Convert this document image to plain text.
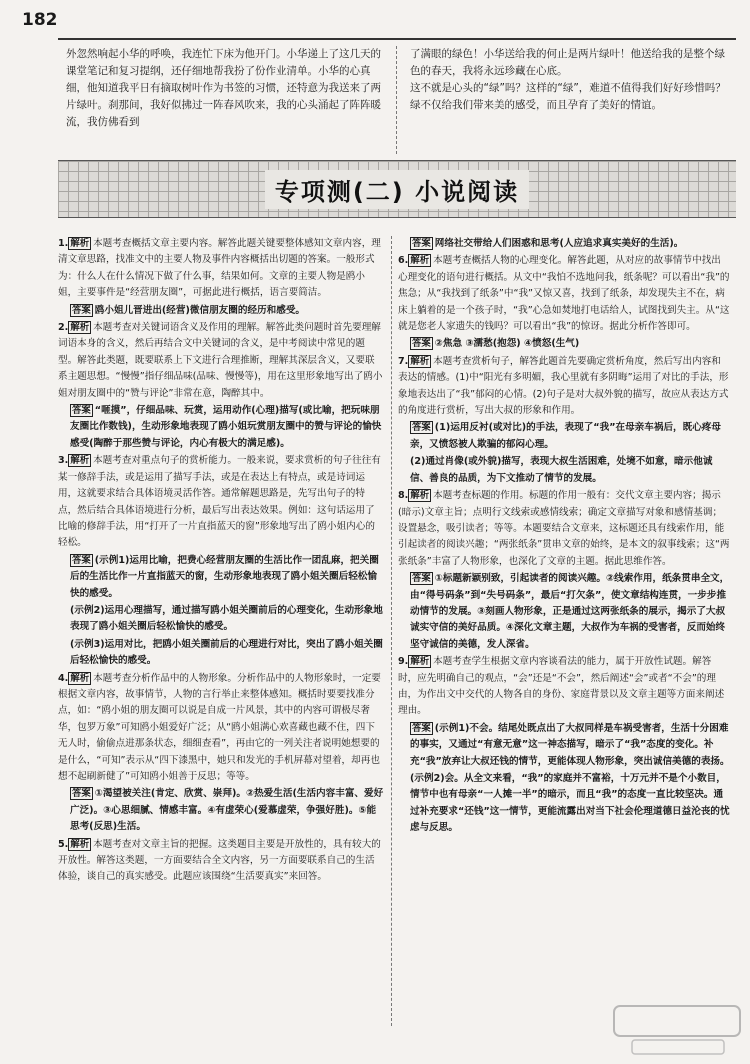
182
外忽然响起小华的呼唤，我连忙下床为他开门。小华递上了这几天的课堂笔记和复习提纲，还仔细地帮我扮了份作业清单。小华的心真细，他知道我平日有摘取树叶作为书签的习惯，还特意为我送来了两片绿叶。刹那间，我好似拂过一阵春风吹来，我的心头涌起了阵阵暖流，我仿佛看到
了满眼的绿色！小华送给我的何止是两片绿叶！他送给我的是整个绿色的春天，我将永远珍藏在心底。
这不就是心头的“绿”吗？这样的“绿”，难道不值得我们好好珍惜吗？绿不仅给我们带来美的感受，而且孕育了美好的情谊。
专项测(二) 小说阅读
1. 解析 本题考查概括文章主要内容。解答此题关键要整体感知文章内容，理清文章思路，找准文中的主要人物及事件内容概括出切题的答案。一般形式为：什么人在什么情况下做了什么事，结果如何。文章的主要人物是鸥小姐，主要事件是“经营朋友圈”，可据此进行概括，语言要简洁。
答案 鸥小姐儿晋进出(经营)微信朋友圈的经历和感受。
2. 解析 本题考查对关键词语含义及作用的理解。解答此类问题时首先要理解词语本身的含义，然后再结合文中关键词的含义，是中考阅读中常见的题型。解答此类题，既要联系上下文进行合理推断，理解其深层含义，又要联系主题思想。“慢慢”指仔细品味(品味、慢慢等)，用在这里形象地写出了鸥小姐对朋友圈中的“赞与评论”非常在意，陶醉其中。
答案 “咂摸”，仔细品味、玩赏，运用动作(心理)描写(或比喻，把玩味朋友圈比作数钱)，生动形象地表现了鸥小姐玩赏朋友圈中的赞与评论的愉快感受(陶醉于那些赞与评论，内心有极大的满足感)。
3. 解析 本题考查对重点句子的赏析能力。一般来说，要求赏析的句子往往有某一修辞手法，或是运用了描写手法，或是在表达上有特点，或是诗词运用，这就要求结合具体语境灵活作答。通常解题思路是，先写出句子的特点，然后结合具体语境进行分析，最后写出表达效果。例如：这句话运用了比喻的修辞手法，用“打开了一片直指蓝天的窗”形象地写出了鸥小姐内心的轻松。
答案 (示例1)运用比喻，把费心经营朋友圈的生活比作一团乱麻，把关圈后的生活比作一片直指蓝天的窗，生动形象地表现了鸥小姐关圈后轻松愉快的感受。
(示例2)运用心理描写，通过描写鸥小姐关圈前后的心理变化，生动形象地表现了鸥小姐关圈后轻松愉快的感受。
(示例3)运用对比，把鸥小姐关圈前后的心理进行对比，突出了鸥小姐关圈后轻松愉快的感受。
4. 解析 本题考查分析作品中的人物形象。分析作品中的人物形象时，一定要根据文章内容，故事情节，人物的言行举止来整体感知。概括时要要找准分点，如：“鸥小姐的朋友圈可以说是自成一片风景，其中的内容可谓极尽奢华，包罗万象”可知鸥小姐爱好广泛；从“鸥小姐满心欢喜藏也藏不住，四下无人时，偷偷点进那条状态，细细查看”，再由它的一列关注者说明她想要的是什么，“可知”表示从“四下漆黑中，她只和发光的手机屏幕对望着，却再也想不起刷新健了”可知鸥小姐善于反思；等等。
答案 ①渴望被关注(肯定、欣赏、崇拜)。②热爱生活(生活内容丰富、爱好广泛)。③心思细腻、情感丰富。④有虚荣心(爱慕虚荣，争强好胜)。⑤能思考(反思)生活。
5. 解析 本题考查对文章主旨的把握。这类题目主要是开放性的，具有较大的开放性。解答这类题，一方面要结合全文内容，另一方面要联系自己的生活体验，谈自己的真实感受。此题应该围绕“生活要真实”来回答。
答案 网络社交带给人们困惑和思考(人应追求真实美好的生活)。
6. 解析 本题考查概括人物的心理变化。解答此题，从对应的故事情节中找出心理变化的语句进行概括。从文中“我怕不选地问我，纸条呢？可以看出“我”的焦急；从“我找到了纸条”中“我”又惊又喜，找到了纸条，却发现失主不在，病床上躺着的是一个孩子时，“我”心急如焚地打电话给人，试图找到失主。从“这就是您老人家遗失的钱吗？可以看出“我”的惊讶。据此分析作答即可。
答案 ②焦急 ③濡愁(抱怨) ④愤怒(生气)
7. 解析 本题考查赏析句子，解答此题首先要确定赏析角度，然后写出内容和表达的情感。(1)中“阳光有多明媚，我心里就有多阴晦”运用了对比的手法，形象地表达出了“我”郁闷的心情。(2)句子是对大叔外貌的描写，故应从表达方式的角度进行赏析，写出大叔的形象和作用。
答案 (1)运用反衬(或对比)的手法，表现了“我”在母亲车祸后，既心疼母亲，又愤怒被人欺骗的郁闷心理。
(2)通过肖像(或外貌)描写，表现大叔生活困难，处境不如意，暗示他诚信、善良的品质，为下文推动了情节的发展。
8. 解析 本题考查标题的作用。标题的作用一般有：交代文章主要内容；揭示(暗示)文章主旨；点明行文线索或感情线索；确定文章描写对象和感情基调；设置悬念，吸引读者；等等。本题要结合文章来，这标题还具有线索作用，能引起读者的阅读兴趣；“两张纸条”贯串文章的始终，是本文的叙事线索；这“两张纸条”丰富了人物形象，也深化了文章的主题。据此思维作答。
答案 ①标题新颖别致，引起读者的阅读兴趣。②线索作用，纸条贯串全文，由“得号码条”到“失号码条”，最后“打欠条”，使文章结构连贯，一步步推动情节的发展。③刻画人物形象，正是通过这两张纸条的展示，揭示了大叔诚实守信的美好品质。④深化文章主题，大叔作为车祸的受害者，反而始终坚守诚信的美德，发人深省。
9. 解析 本题考查学生根据文章内容谈看法的能力，属于开放性试题。解答时，应先明确自己的观点，“会”还是“不会”，然后阐述“会”或者“不会”的理由，为作出文中交代的人物各自的身份、家庭背景以及文章主题等方面来阐述理由。
答案 (示例1)不会。结尾处既点出了大叔同样是车祸受害者，生活十分困难的事实，又通过“有意无意”这一神态描写，暗示了“我”态度的变化。补充“我”放弃让大叔还钱的情节，更能体现人物形象，突出诚信美德的表扬。
(示例2)会。从全文来看，“我”的家庭并不富裕，十万元并不是个小数目，情节中也有母亲“一人摊一半”的暗示，而且“我”的态度一直比较坚决。通过补充要求“还钱”这一情节，更能流露出对当下社会伦理道德日益沦丧的忧虑与反思。
